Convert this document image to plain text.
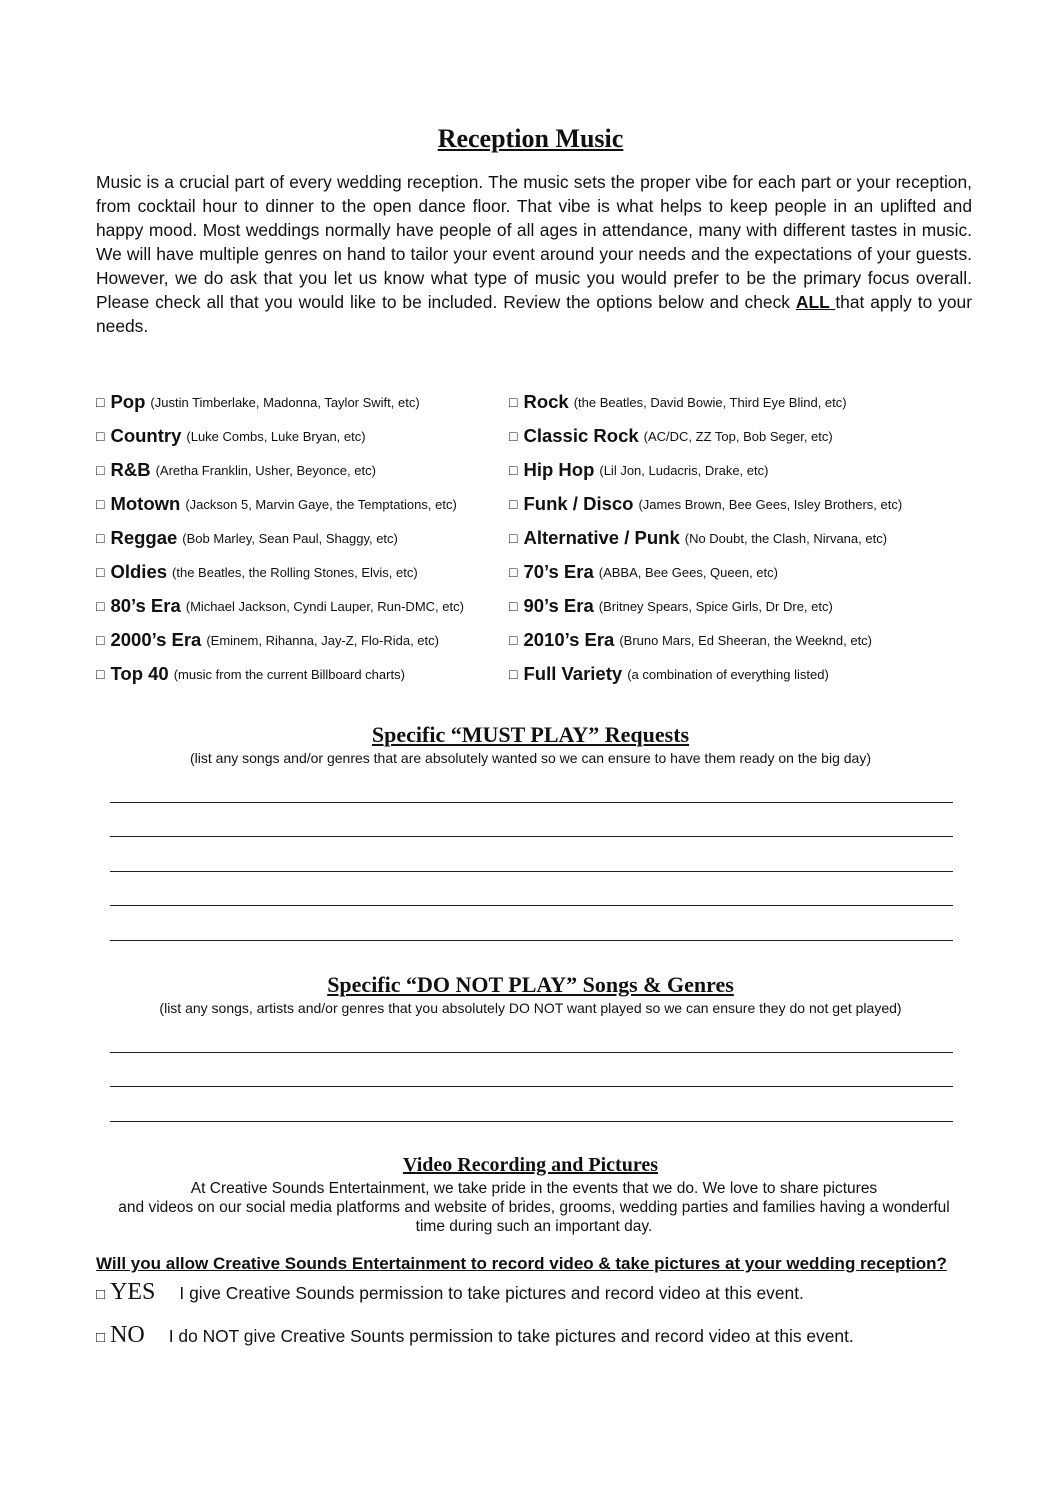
Reception Music
Music is a crucial part of every wedding reception. The music sets the proper vibe for each part or your reception, from cocktail hour to dinner to the open dance floor. That vibe is what helps to keep people in an uplifted and happy mood. Most weddings normally have people of all ages in attendance, many with different tastes in music. We will have multiple genres on hand to tailor your event around your needs and the expectations of your guests. However, we do ask that you let us know what type of music you would prefer to be the primary focus overall. Please check all that you would like to be included. Review the options below and check ALL that apply to your needs.
□ Pop (Justin Timberlake, Madonna, Taylor Swift, etc)
□ Country (Luke Combs, Luke Bryan, etc)
□ R&B (Aretha Franklin, Usher, Beyonce, etc)
□ Motown (Jackson 5, Marvin Gaye, the Temptations, etc)
□ Reggae (Bob Marley, Sean Paul, Shaggy, etc)
□ Oldies (the Beatles, the Rolling Stones, Elvis, etc)
□ 80’s Era (Michael Jackson, Cyndi Lauper, Run-DMC, etc)
□ 2000’s Era (Eminem, Rihanna, Jay-Z, Flo-Rida, etc)
□ Top 40 (music from the current Billboard charts)
□ Rock (the Beatles, David Bowie, Third Eye Blind, etc)
□ Classic Rock (AC/DC, ZZ Top, Bob Seger, etc)
□ Hip Hop (Lil Jon, Ludacris, Drake, etc)
□ Funk / Disco (James Brown, Bee Gees, Isley Brothers, etc)
□ Alternative / Punk (No Doubt, the Clash, Nirvana, etc)
□ 70’s Era (ABBA, Bee Gees, Queen, etc)
□ 90’s Era (Britney Spears, Spice Girls, Dr Dre, etc)
□ 2010’s Era (Bruno Mars, Ed Sheeran, the Weeknd, etc)
□ Full Variety (a combination of everything listed)
Specific “MUST PLAY” Requests
(list any songs and/or genres that are absolutely wanted so we can ensure to have them ready on the big day)
Specific “DO NOT PLAY” Songs & Genres
(list any songs, artists and/or genres that you absolutely DO NOT want played so we can ensure they do not get played)
Video Recording and Pictures
At Creative Sounds Entertainment, we take pride in the events that we do. We love to share pictures
and videos on our social media platforms and website of brides, grooms, wedding parties and families having a wonderful
time during such an important day.
Will you allow Creative Sounds Entertainment to record video & take pictures at your wedding reception?
□ YES I give Creative Sounds permission to take pictures and record video at this event.
□ NO I do NOT give Creative Sounts permission to take pictures and record video at this event.
